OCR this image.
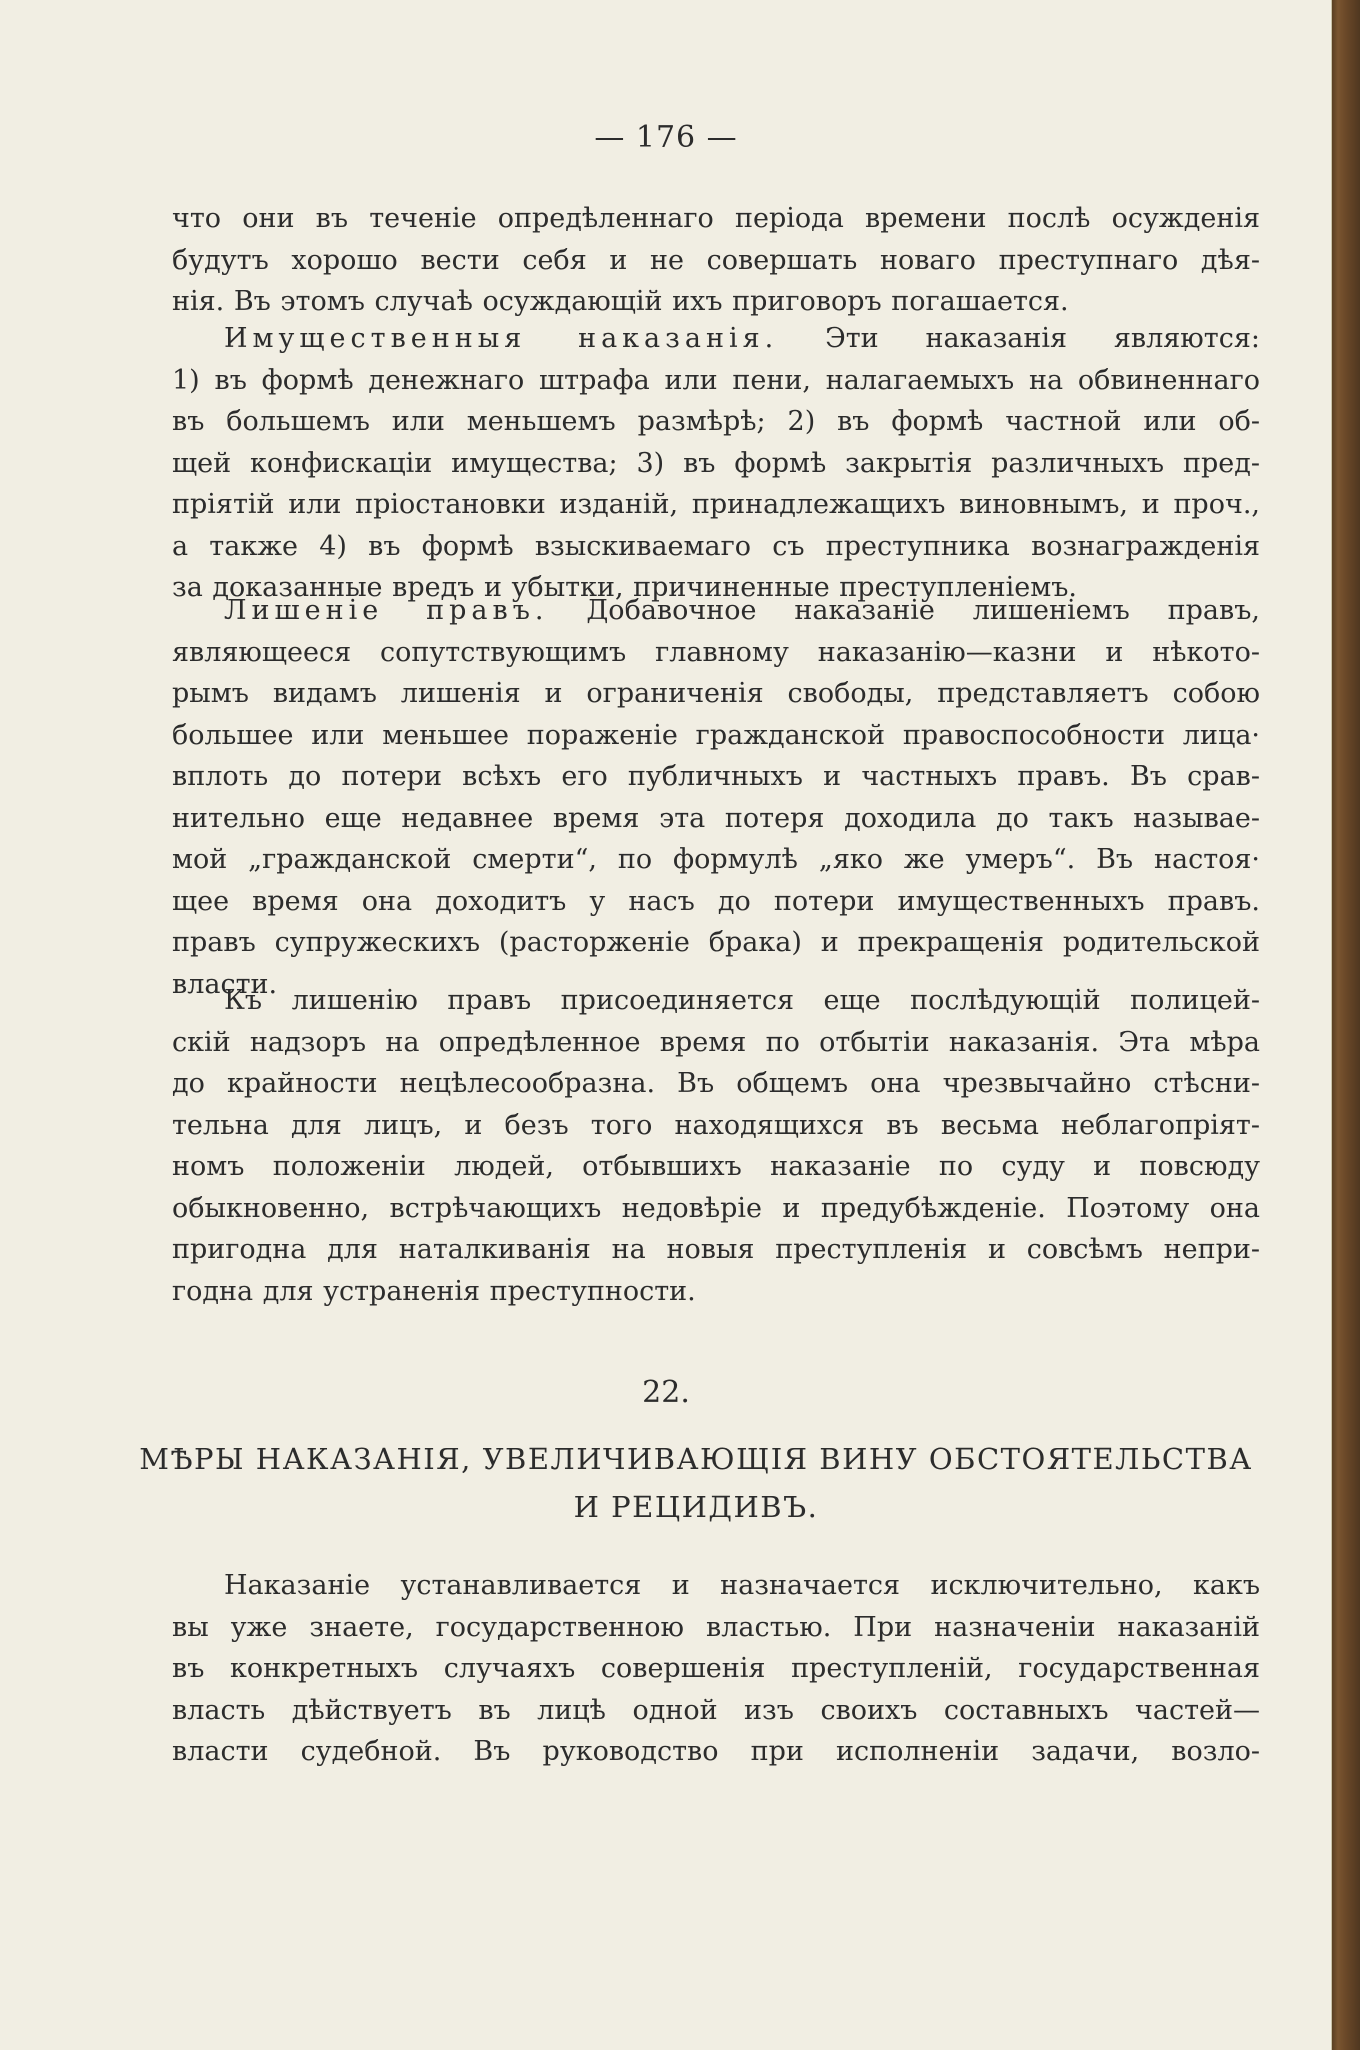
— 176 —
что они въ теченіе опредѣленнаго періода времени послѣ осужденія
будутъ хорошо вести себя и не совершать новаго преступнаго дѣя-
нія. Въ этомъ случаѣ осуждающій ихъ приговоръ погашается.
Имущественныя наказанія. Эти наказанія являются:
1) въ формѣ денежнаго штрафа или пени, налагаемыхъ на обвиненнаго
въ большемъ или меньшемъ размѣрѣ; 2) въ формѣ частной или об-
щей конфискаціи имущества; 3) въ формѣ закрытія различныхъ пред-
пріятій или пріостановки изданій, принадлежащихъ виновнымъ, и проч.,
а также 4) въ формѣ взыскиваемаго съ преступника вознагражденія
за доказанные вредъ и убытки, причиненные преступленіемъ.
Лишеніе правъ. Добавочное наказаніе лишеніемъ правъ,
являющееся сопутствующимъ главному наказанію—казни и нѣкото-
рымъ видамъ лишенія и ограниченія свободы, представляетъ собою
большее или меньшее пораженіе гражданской правоспособности лица·
вплоть до потери всѣхъ его публичныхъ и частныхъ правъ. Въ срав-
нительно еще недавнее время эта потеря доходила до такъ называе-
мой „гражданской смерти“, по формулѣ „яко же умеръ“. Въ настоя·
щее время она доходитъ у насъ до потери имущественныхъ правъ.
правъ супружескихъ (расторженіе брака) и прекращенія родительской
власти.
Къ лишенію правъ присоединяется еще послѣдующій полицей-
скій надзоръ на опредѣленное время по отбытіи наказанія. Эта мѣра
до крайности нецѣлесообразна. Въ общемъ она чрезвычайно стѣсни-
тельна для лицъ, и безъ того находящихся въ весьма неблагопріят-
номъ положеніи людей, отбывшихъ наказаніе по суду и повсюду
обыкновенно, встрѣчающихъ недовѣріе и предубѣжденіе. Поэтому она
пригодна для наталкиванія на новыя преступленія и совсѣмъ непри-
годна для устраненія преступности.
22.
МѢРЫ НАКАЗАНІЯ, УВЕЛИЧИВАЮЩІЯ ВИНУ ОБСТОЯТЕЛЬСТВА
И РЕЦИДИВЪ.
Наказаніе устанавливается и назначается исключительно, какъ
вы уже знаете, государственною властью. При назначеніи наказаній
въ конкретныхъ случаяхъ совершенія преступленій, государственная
власть дѣйствуетъ въ лицѣ одной изъ своихъ составныхъ частей—
власти судебной. Въ руководство при исполненіи задачи, возло-
